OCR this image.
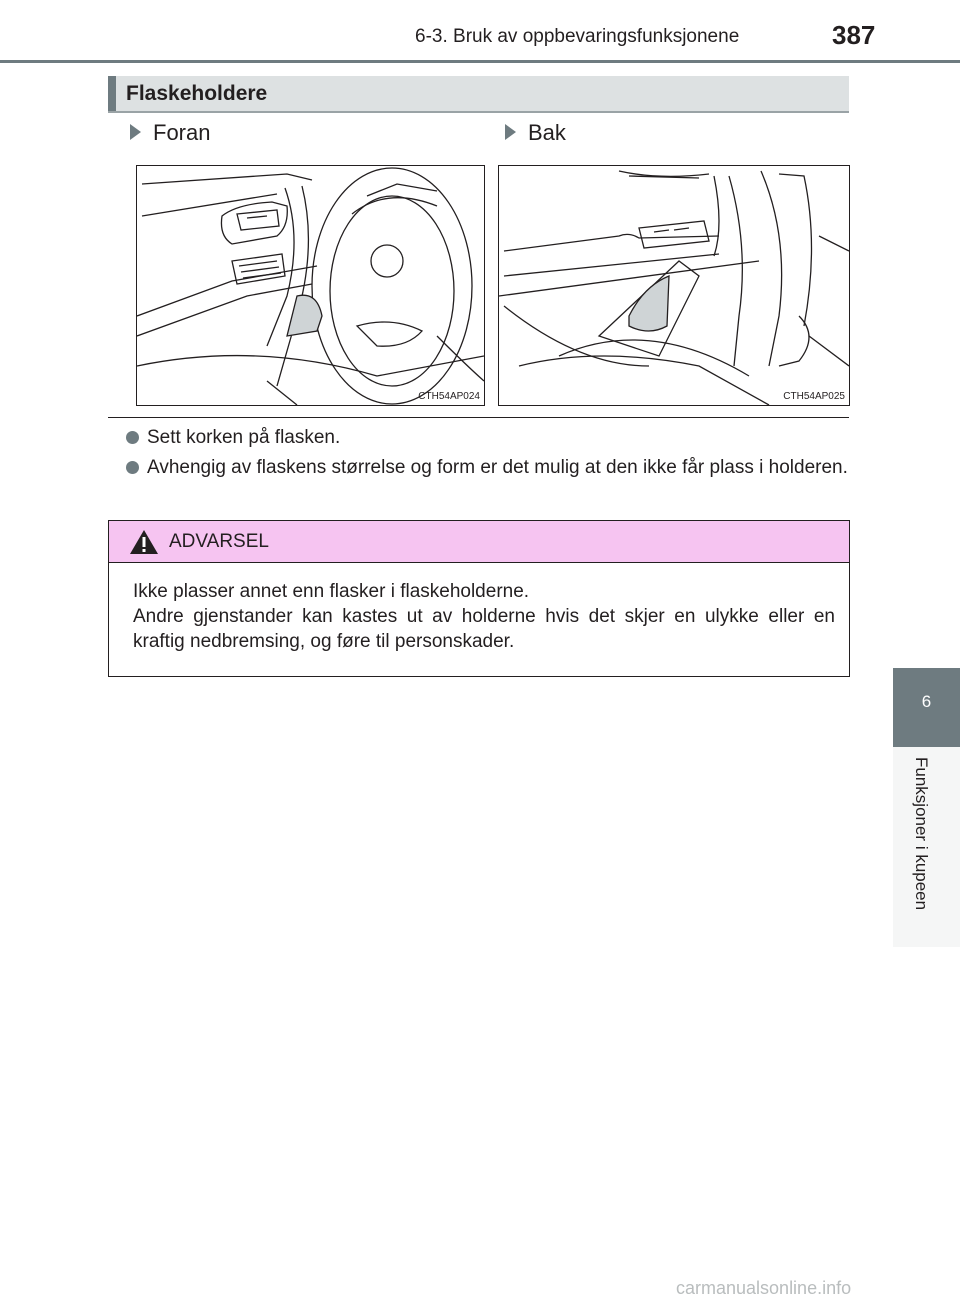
6-3. Bruk av oppbevaringsfunksjonene	387
6
Funksjoner i kupeen
Flaskeholdere
Foran	Bak
CTH54AP024	CTH54AP025
Sett korken på flasken.
Avhengig av flaskens størrelse og form er det mulig at den ikke får plass i holderen.
ADVARSEL
Ikke plasser annet enn flasker i flaskeholderne.
Andre gjenstander kan kastes ut av holderne hvis det skjer en ulykke eller en kraftig nedbremsing, og føre til personskader.
carmanualsonline.info
